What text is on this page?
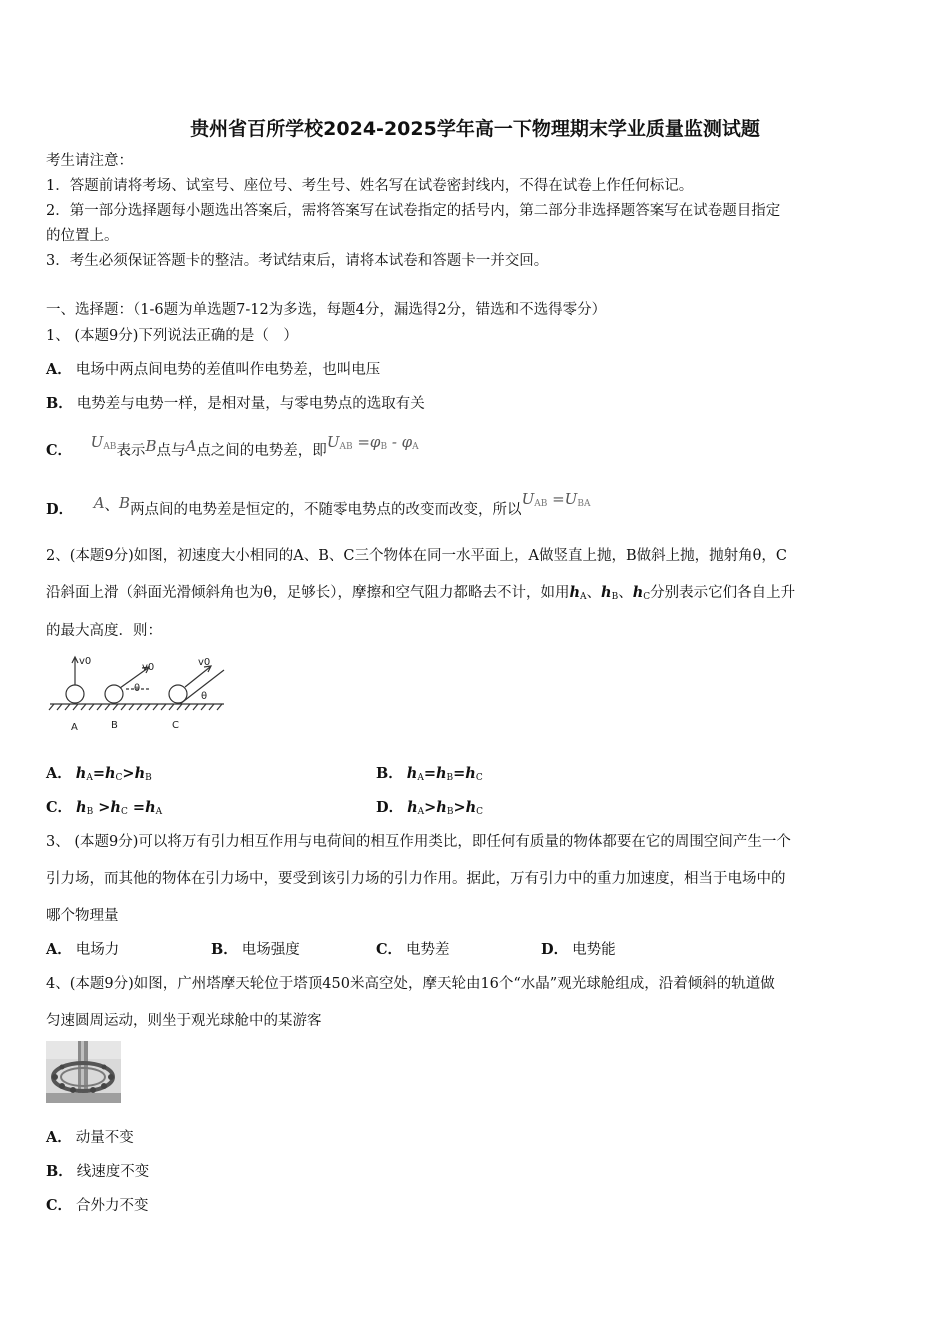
贵州省百所学校2024-2025学年高一下物理期末学业质量监测试题
考生请注意：
1．答题前请将考场、试室号、座位号、考生号、姓名写在试卷密封线内，不得在试卷上作任何标记。
2．第一部分选择题每小题选出答案后，需将答案写在试卷指定的括号内，第二部分非选择题答案写在试卷题目指定
的位置上。
3．考生必须保证答题卡的整洁。考试结束后，请将本试卷和答题卡一并交回。
一、选择题：（1-6题为单选题7-12为多选，每题4分，漏选得2分，错选和不选得零分）
1、 (本题9分)下列说法正确的是（　）
A． 电场中两点间电势的差值叫作电势差，也叫电压
B． 电势差与电势一样，是相对量，与零电势点的选取有关
C． $U_{AB}$表示B点与A点之间的电势差，即$U_{AB} =\varphi_B - \varphi_A$
D． A、B两点间的电势差是恒定的，不随零电势点的改变而改变，所以$U_{AB} =U_{BA}$
2、(本题9分)如图，初速度大小相同的A、B、C三个物体在同一水平面上，A做竖直上抛，B做斜上抛，抛射角θ，C
沿斜面上滑（斜面光滑倾斜角也为θ，足够长），摩擦和空气阻力都略去不计，如用$h_A$、$h_B$、$h_C$分别表示它们各自上升
的最大高度．则：
v0
v0	v0
θ
θ
A	B	C
A． $h_A=h_C>h_B$	B． $h_A=h_B=h_C$
C． $h_B >h_C =h_A$	D． $h_A>h_B>h_C$
3、 (本题9分)可以将万有引力相互作用与电荷间的相互作用类比，即任何有质量的物体都要在它的周围空间产生一个
引力场，而其他的物体在引力场中，要受到该引力场的引力作用。据此，万有引力中的重力加速度，相当于电场中的
哪个物理量
A． 电场力	B． 电场强度	C． 电势差	D． 电势能
4、(本题9分)如图，广州塔摩天轮位于塔顶450米高空处，摩天轮由16个“水晶”观光球舱组成，沿着倾斜的轨道做
匀速圆周运动，则坐于观光球舱中的某游客
A． 动量不变
B． 线速度不变
C． 合外力不变
